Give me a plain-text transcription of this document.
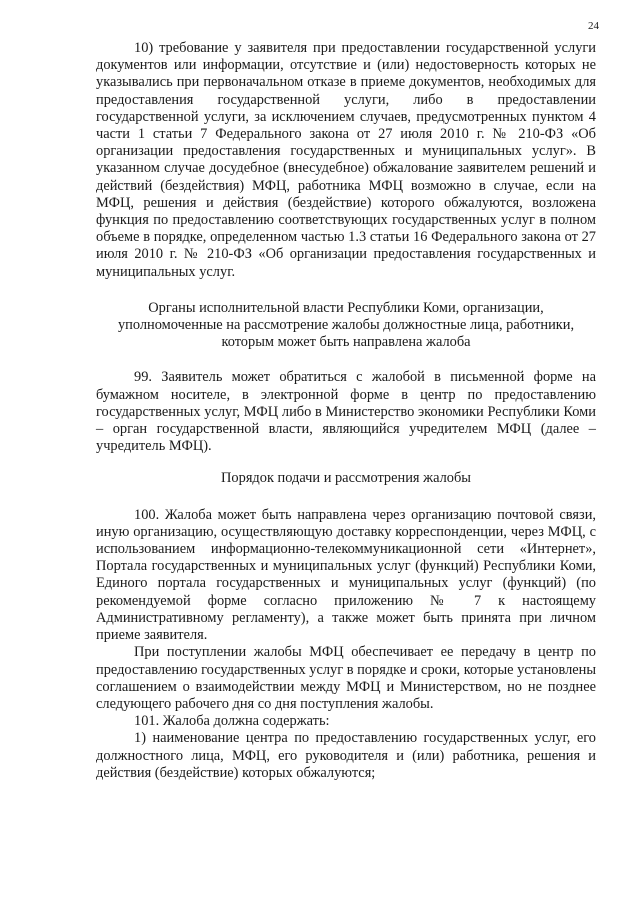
24

10) требование у заявителя при предоставлении государственной услуги документов или информации, отсутствие и (или) недостоверность которых не указывались при первоначальном отказе в приеме документов, необходимых для предоставления государственной услуги, либо в предоставлении государственной услуги, за исключением случаев, предусмотренных пунктом 4 части 1 статьи 7 Федерального закона от 27 июля 2010 г. № 210-ФЗ «Об организации предоставления государственных и муниципальных услуг». В указанном случае досудебное (внесудебное) обжалование заявителем решений и действий (бездействия) МФЦ, работника МФЦ возможно в случае, если на МФЦ, решения и действия (бездействие) которого обжалуются, возложена функция по предоставлению соответствующих государственных услуг в полном объеме в порядке, определенном частью 1.3 статьи 16 Федерального закона от 27 июля 2010 г. № 210-ФЗ «Об организации предоставления государственных и муниципальных услуг.

Органы исполнительной власти Республики Коми, организации, уполномоченные на рассмотрение жалобы должностные лица, работники, которым может быть направлена жалоба

99. Заявитель может обратиться с жалобой в письменной форме на бумажном носителе, в электронной форме в центр по предоставлению государственных услуг, МФЦ либо в Министерство экономики Республики Коми – орган государственной власти, являющийся учредителем МФЦ (далее – учредитель МФЦ).

Порядок подачи и рассмотрения жалобы

100. Жалоба может быть направлена через организацию почтовой связи, иную организацию, осуществляющую доставку корреспонденции, через МФЦ, с использованием информационно-телекоммуникационной сети «Интернет», Портала государственных и муниципальных услуг (функций) Республики Коми, Единого портала государственных и муниципальных услуг (функций) (по рекомендуемой форме согласно приложению № 7 к настоящему Административному регламенту), а также может быть принята при личном приеме заявителя.

При поступлении жалобы МФЦ обеспечивает ее передачу в центр по предоставлению государственных услуг в порядке и сроки, которые установлены соглашением о взаимодействии между МФЦ и Министерством, но не позднее следующего рабочего дня со дня поступления жалобы.

101. Жалоба должна содержать:

1) наименование центра по предоставлению государственных услуг, его должностного лица, МФЦ, его руководителя и (или) работника, решения и действия (бездействие) которых обжалуются;
